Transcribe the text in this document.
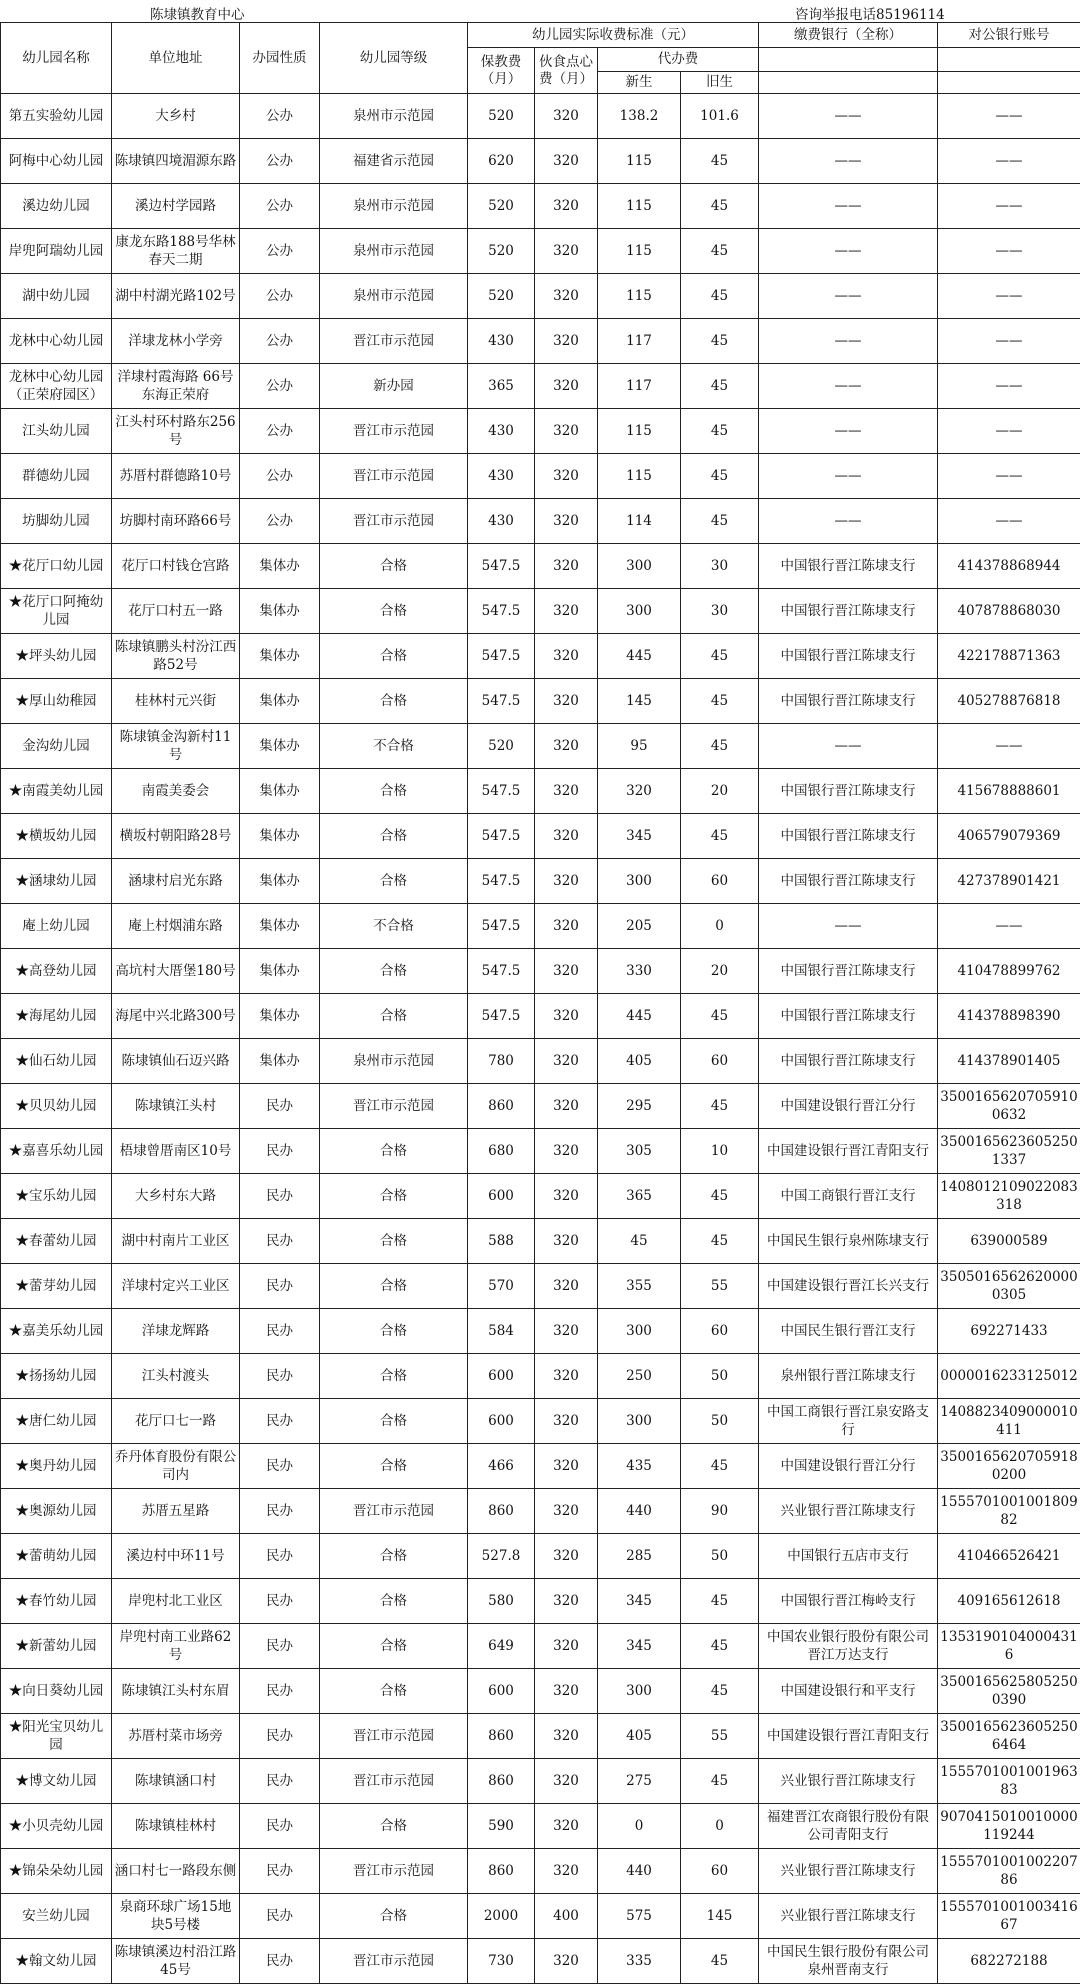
陈埭镇教育中心	咨询举报电话85196114
幼儿园名称	单位地址	办园性质	幼儿园等级	幼儿园实际收费标准（元）				缴费银行（全称）	对公银行账号
				保教费（月）	伙食点心费（月）	代办费			
						新生	旧生		
第五实验幼儿园	大乡村	公办	泉州市示范园	520	320	138.2	101.6	——	——
阿梅中心幼儿园	陈埭镇四境湄源东路	公办	福建省示范园	620	320	115	45	——	——
溪边幼儿园	溪边村学园路	公办	泉州市示范园	520	320	115	45	——	——
岸兜阿瑞幼儿园	康龙东路188号华林春天二期	公办	泉州市示范园	520	320	115	45	——	——
湖中幼儿园	湖中村湖光路102号	公办	泉州市示范园	520	320	115	45	——	——
龙林中心幼儿园	洋埭龙林小学旁	公办	晋江市示范园	430	320	117	45	——	——
龙林中心幼儿园（正荣府园区）	洋埭村霞海路 66号东海正荣府	公办	新办园	365	320	117	45	——	——
江头幼儿园	江头村环村路东256号	公办	晋江市示范园	430	320	115	45	——	——
群德幼儿园	苏厝村群德路10号	公办	晋江市示范园	430	320	115	45	——	——
坊脚幼儿园	坊脚村南环路66号	公办	晋江市示范园	430	320	114	45	——	——
★花厅口幼儿园	花厅口村钱仓宫路	集体办	合格	547.5	320	300	30	中国银行晋江陈埭支行	414378868944
★花厅口阿掩幼儿园	花厅口村五一路	集体办	合格	547.5	320	300	30	中国银行晋江陈埭支行	407878868030
★坪头幼儿园	陈埭镇鹏头村汾江西路52号	集体办	合格	547.5	320	445	45	中国银行晋江陈埭支行	422178871363
★厚山幼稚园	桂林村元兴街	集体办	合格	547.5	320	145	45	中国银行晋江陈埭支行	405278876818
金沟幼儿园	陈埭镇金沟新村11号	集体办	不合格	520	320	95	45	——	——
★南霞美幼儿园	南霞美委会	集体办	合格	547.5	320	320	20	中国银行晋江陈埭支行	415678888601
★横坂幼儿园	横坂村朝阳路28号	集体办	合格	547.5	320	345	45	中国银行晋江陈埭支行	406579079369
★涵埭幼儿园	涵埭村启光东路	集体办	合格	547.5	320	300	60	中国银行晋江陈埭支行	427378901421
庵上幼儿园	庵上村烟浦东路	集体办	不合格	547.5	320	205	0	——	——
★高登幼儿园	高坑村大厝堡180号	集体办	合格	547.5	320	330	20	中国银行晋江陈埭支行	410478899762
★海尾幼儿园	海尾中兴北路300号	集体办	合格	547.5	320	445	45	中国银行晋江陈埭支行	414378898390
★仙石幼儿园	陈埭镇仙石迈兴路	集体办	泉州市示范园	780	320	405	60	中国银行晋江陈埭支行	414378901405
★贝贝幼儿园	陈埭镇江头村	民办	晋江市示范园	860	320	295	45	中国建设银行晋江分行	35001656207059100632
★嘉喜乐幼儿园	梧埭曾厝南区10号	民办	合格	680	320	305	10	中国建设银行晋江青阳支行	35001656236052501337
★宝乐幼儿园	大乡村东大路	民办	合格	600	320	365	45	中国工商银行晋江支行	1408012109022083318
★春蕾幼儿园	湖中村南片工业区	民办	合格	588	320	45	45	中国民生银行泉州陈埭支行	639000589
★蕾芽幼儿园	洋埭村定兴工业区	民办	合格	570	320	355	55	中国建设银行晋江长兴支行	35050165626200000305
★嘉美乐幼儿园	洋埭龙辉路	民办	合格	584	320	300	60	中国民生银行晋江支行	692271433
★扬扬幼儿园	江头村渡头	民办	合格	600	320	250	50	泉州银行晋江陈埭支行	0000016233125012
★唐仁幼儿园	花厅口七一路	民办	合格	600	320	300	50	中国工商银行晋江泉安路支行	1408823409000010411
★奥丹幼儿园	乔丹体育股份有限公司内	民办	合格	466	320	435	45	中国建设银行晋江分行	35001656207059180200
★奥源幼儿园	苏厝五星路	民办	晋江市示范园	860	320	440	90	兴业银行晋江陈埭支行	155570100100180982
★蕾萌幼儿园	溪边村中环11号	民办	合格	527.8	320	285	50	中国银行五店市支行	410466526421
★春竹幼儿园	岸兜村北工业区	民办	合格	580	320	345	45	中国银行晋江梅岭支行	409165612618
★新蕾幼儿园	岸兜村南工业路62号	民办	合格	649	320	345	45	中国农业银行股份有限公司晋江万达支行	13531901040004316
★向日葵幼儿园	陈埭镇江头村东眉	民办	合格	600	320	300	45	中国建设银行和平支行	35001656258052500390
★阳光宝贝幼儿园	苏厝村菜市场旁	民办	晋江市示范园	860	320	405	55	中国建设银行晋江青阳支行	35001656236052506464
★博文幼儿园	陈埭镇涵口村	民办	晋江市示范园	860	320	275	45	兴业银行晋江陈埭支行	155570100100196383
★小贝壳幼儿园	陈埭镇桂林村	民办	合格	590	320	0	0	福建晋江农商银行股份有限公司青阳支行	9070415010010000119244
★锦朵朵幼儿园	涵口村七一路段东侧	民办	晋江市示范园	860	320	440	60	兴业银行晋江陈埭支行	155570100100220786
安兰幼儿园	泉商环球广场15地块5号楼	民办	合格	2000	400	575	145	兴业银行晋江陈埭支行	155570100100341667
★翰文幼儿园	陈埭镇溪边村沿江路45号	民办	晋江市示范园	730	320	335	45	中国民生银行股份有限公司泉州晋南支行	682272188
